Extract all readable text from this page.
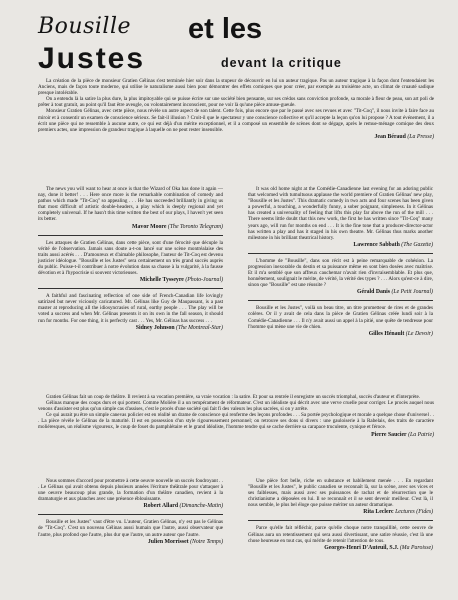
Bousille et les
Justes	devant la critique

La création de la pièce de monsieur Gratien Gélinas s'est terminée hier soir dans la stupeur de découvrir en lui un auteur tragique. Pas un auteur tragique à la façon dont l'entendaient les Anciens, mais de façon toute moderne, qui utilise le naturalisme aussi bien pour démontrer des effets comiques que pour créer, par exemple au troisième acte, un climat de cruauté sadique presque intolérable.

On a entendu là la satire la plus dure, la plus impitoyable qui se puisse écrire sur une société bien pensante, sur ses crédos sans conviction profonde, sa morale à fleur de peau, son art poli de prêter à tout gratuit, au point qu'il faut être aveugle, ou volontairement inconscient, pour ne voir là qu'une pièce amuse-gueule.

Monsieur Gratien Gélinas, avec cette pièce, nous révèle un autre aspect de son talent. Cette fois, plus encore que par le passé avec ses revues et avec "Tit-Coq", il nous invite à faire face au miroir et à consentir un examen de conscience sérieux. Se fait-il illusion ? Croit-il que le spectateur y une conscience collective et qu'il accepte la leçon qu'on lui propose ? A tout événement, il a écrit une pièce qui ne ressemble à aucune autre, ce qui est déjà d'un mérite exceptionnel, et il a composé un ensemble de scènes dont se dégage, après le remue-ménage comique des deux premiers actes, une impression de grandeur tragique à laquelle on ne peut rester insensible.

Jean Béraud (La Presse)

The news you will want to hear at once is that the Wizard of Oka has done it again — nay, done it better! . . . Here once more is the remarkable combination of comedy and pathos which made "Tit-Coq" so appealing . . . He has succeeded brilliantly in giving us that most difficult of artistic double-headers, a play which is deeply regional and yet completely universal. If he hasn't this time written the best of our plays, I haven't yet seen its better.

Mavor Moore (The Toronto Telegram)

Les attaques de Gratien Gélinas, dans cette pièce, sont d'une férocité que décuple la vérité de l'observation. Jamais sans doute a-t-on lancé sur une scène montréalaise des traits aussi acérés . . . D'amoureux et d'aimable philosophe, l'auteur de Tit-Coq est devenu justicier idéologue. "Bousille et les Justes" sera certainement un très grand succès auprès du public. Puisse-t-il contribuer à notre évolution dans sa chasse à la vulgarité, à la fausse dévotion et à l'hypocrisie si souvent victorieuses.

Michelle Tysseyre (Photo-Journal)

A faithful and fascinating reflection of one side of French-Canadian life lovingly satirized but never viciously caricatured. Mr. Gélinas like Guy de Maupassant, is a past master at reproducing all the idiosyncrasies of rural, earthy people . . . The play will be voted a success and when Mr. Gélinas presents it on its own in the fall season, it should run for months. For one thing, it is perfectly cast . . . Yes, Mr. Gélinas has success . . .

Sidney Johnson (The Montreal-Star)

It was old home night at the Comédie-Canadienne last evening for an adoring public that welcomed with tumultuous applause the world premiere of Gratien Gélinas' new play, "Bousille et les Justes". This dramatic comedy in two acts and four scenes has been given a powerful, a touching, a wonderfully funny, a sober poignant, simpleness. In it Gélinas has created a universality of feeling that lifts this play far above the run of the mill . . . There seems little doubt that this new work, the first he has written since "Tit-Coq" many years ago, will run for months on end . . . It is the fine tone that a producer-director-actor has written a play and has it staged in his own theatre. Mr. Gélinas thus marks another milestone in his brilliant theatrical history.

Lawrence Sabbath (The Gazette)

L'homme de "Bousille", dans son récit est à peine remarquable de cohésion. La progression inexorable du destin et sa puissance même en sont bien dosées avec maîtrise. Et il m'a semblé que son affreux cauchemar n'avait rien d'invraisemblable. Et plus que, honnêtement, soulignait le mérite, de vérité, la vérité des types ? . . . Alors qu'est-ce à dire, sinon que "Bousille" est une réussite ?

Gérald Danis (Le Petit Journal)

Bousille et les Justes", voilà un beau titre, un titre prometteur de rires et de grandes colères. Or il y avait de cela dans la pièce de Gratien Gélinas créée lundi soir à la Comédie-Canadienne . . . Il n'y avait aussi un appel à la pitié, une quête de tendresse pour l'homme qui mène une vie de chien.

Gilles Hénault (Le Devoir)

Gratien Gélinas fait un coup de théâtre. Il revient à sa vocation première, sa vraie vocation : la satire. Et pour sa rentrée il enregistre un succès triomphal, succès d'auteur et d'interprète.

Gélinas manque des coups durs et qui portent. Comme Molière il a un tempérament de réformateur. C'est un idéaliste qui décrit avec une verve cruelle pour corriger. Le procès auquel nous venons d'assister est plus qu'un simple cas d'assises, c'est le procès d'une société qui fait fi des valeurs les plus sacrées, si on y arrête.

Ce qui aurait pu être un simple canevas policier est en réalité un drame de conscience qui renferme des leçons profondes . . . Sa portée psychologique et morale a quelque chose d'universel . . . La pièce révèle le Gélinas de la maturité. Il est en possession d'un style rigoureusement personnel; on retrouve ses dons si divers : une gauloiserie à la Rabelais, des traits de caractère moliéresques, un réalisme vigoureux, le coup de fouet du pamphlétaire et le grand idéaliste, l'homme tendre qui se cache derrière sa carapace truculente, cynique et féroce.

Pierre Saucier (La Patrie)

Nous sommes d'accord pour promettre à cette oeuvre nouvelle un succès foudroyant . . . Le Gélinas qui avait obtenu depuis plusieurs années l'écriture théâtrale pour s'attaquer à une oeuvre beaucoup plus grande, la formation d'un théâtre canadien, revient à la dramaturgie et aux planches avec une présence éblouissante.

Robert Allard (Dimanche-Matin)

Bousille et les Justes" vaut d'être vu. L'auteur, Gratien Gélinas, n'y est pas le Gélinas de "Tit-Coq". C'est un nouveau Gélinas aussi humain que l'autre, aussi observateur que l'autre, plus profond que l'autre, plus dur que l'autre, un autre auteur que l'autre.

Julien Morrisset (Notre Temps)

Une pièce fort belle, riche en substance et habilement menée . . . En regardant "Bousille et les Justes", le public canadien se reconnaît là, sur la scène, avec ses vices et ses faiblesses, mais aussi avec ses puissances de rachat et de résurrection que le christianisme a déposées en lui. Il se reconnaît et il se sent devenir meilleur. C'est là, il nous semble, le plus bel éloge que puisse mériter un auteur dramatique.

Rita Leclerc Lectures (Fides)

Parce qu'elle fait réfléchir, parce qu'elle choque notre tranquillité, cette oeuvre de Gélinas aura un retentissement qui sera aussi divertissant, une satire réussie, c'est là une chose heureuse en tout cas, qui mérite de retenir l'attention de tous.

Georges-Henri D'Auteuil, S.J. (Ma Paroisse)
